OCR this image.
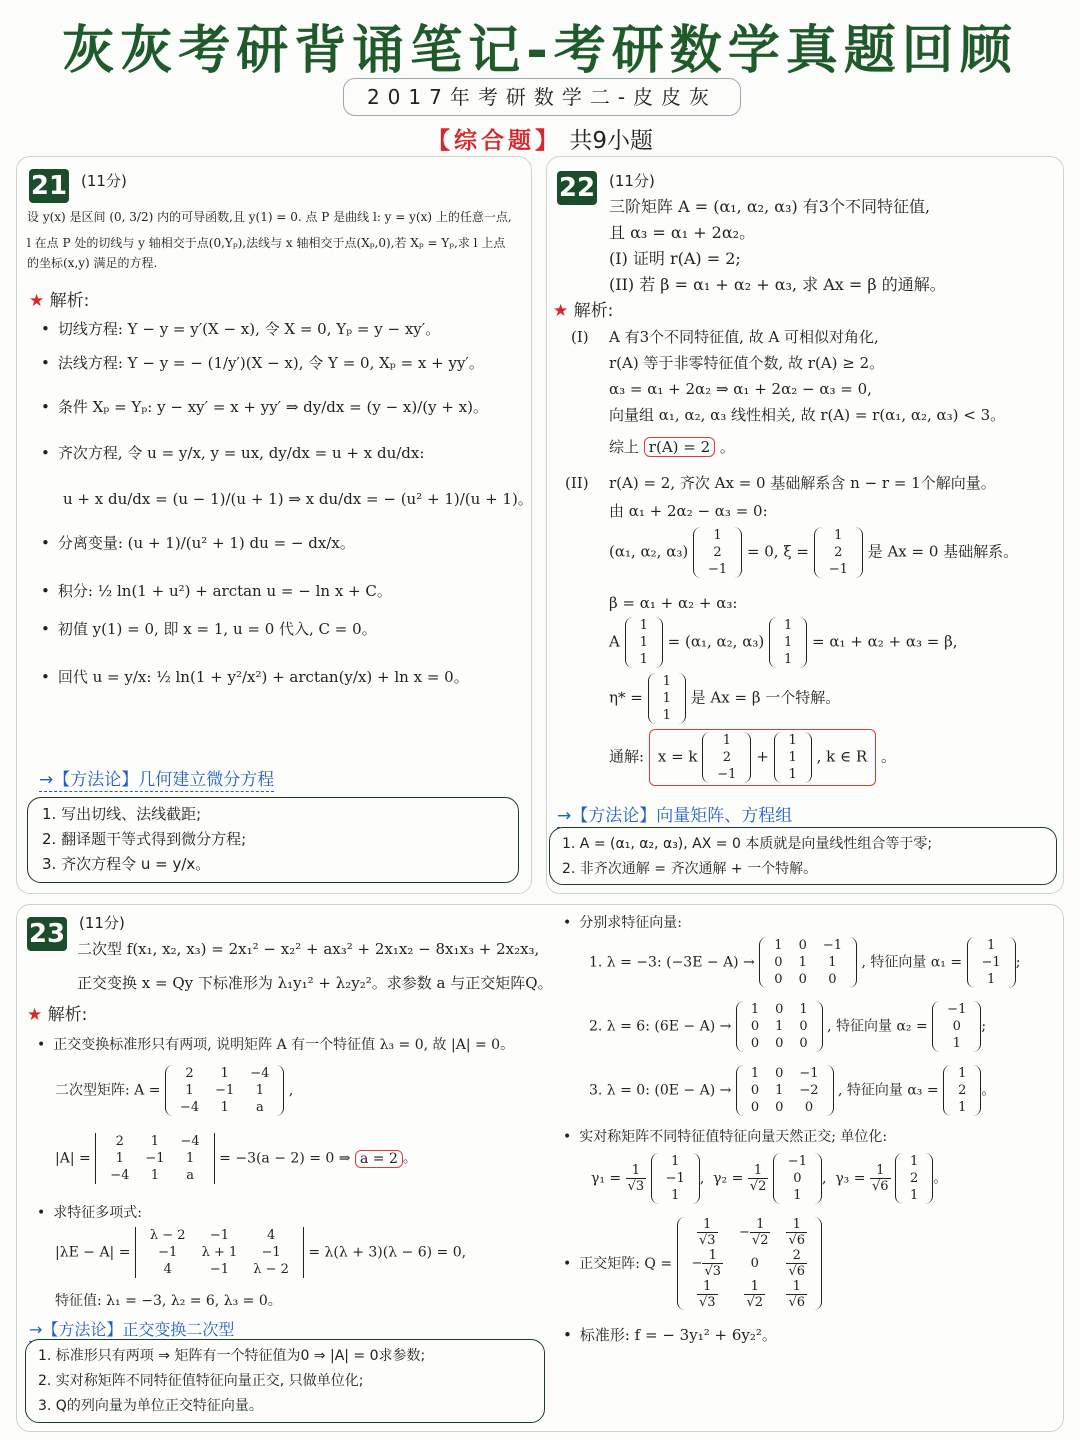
灰灰考研背诵笔记-考研数学真题回顾
2017年考研数学二-皮皮灰
【综合题】 共9小题
21 (11分)
设 y(x) 是区间 (0, 3/2) 内的可导函数,且 y(1) = 0. 点 P 是曲线 l: y = y(x) 上的任意一点,
l 在点 P 处的切线与 y 轴相交于点(0,Yₚ),法线与 x 轴相交于点(Xₚ,0),若 Xₚ = Yₚ,求 l 上点
的坐标(x,y) 满足的方程.
★ 解析:
• 切线方程: Y − y = y′(X − x), 令 X = 0, Yₚ = y − xy′。
• 法线方程: Y − y = − (1/y′)(X − x), 令 Y = 0, Xₚ = x + yy′。
• 条件 Xₚ = Yₚ: y − xy′ = x + yy′ ⇒ dy/dx = (y − x)/(y + x)。
• 齐次方程, 令 u = y/x, y = ux, dy/dx = u + x du/dx:
u + x du/dx = (u − 1)/(u + 1) ⇒ x du/dx = − (u² + 1)/(u + 1)。
• 分离变量: (u + 1)/(u² + 1) du = − dx/x。
• 积分: ½ ln(1 + u²) + arctan u = − ln x + C。
• 初值 y(1) = 0, 即 x = 1, u = 0 代入, C = 0。
• 回代 u = y/x: ½ ln(1 + y²/x²) + arctan(y/x) + ln x = 0。
→【方法论】几何建立微分方程
1. 写出切线、法线截距;
2. 翻译题干等式得到微分方程;
3. 齐次方程令 u = y/x。
22 (11分)
三阶矩阵 A = (α₁, α₂, α₃) 有3个不同特征值,
且 α₃ = α₁ + 2α₂。
(I) 证明 r(A) = 2;
(II) 若 β = α₁ + α₂ + α₃, 求 Ax = β 的通解。
★ 解析:
(I) A 有3个不同特征值, 故 A 可相似对角化,
r(A) 等于非零特征值个数, 故 r(A) ≥ 2。
α₃ = α₁ + 2α₂ ⇒ α₁ + 2α₂ − α₃ = 0,
向量组 α₁, α₂, α₃ 线性相关, 故 r(A) = r(α₁, α₂, α₃) < 3。
综上 r(A) = 2 。
(II) r(A) = 2, 齐次 Ax = 0 基础解系含 n − r = 1个解向量。
由 α₁ + 2α₂ − α₃ = 0:
(α₁, α₂, α₃)
1
2
−1
= 0, ξ =
1
2
−1
是 Ax = 0 基础解系。
β = α₁ + α₂ + α₃:
A
1
1
1
= (α₁, α₂, α₃)
1
1
1
= α₁ + α₂ + α₃ = β,
η* =
1
1
1
是 Ax = β 一个特解。
通解: x = k
1
2
−1
+
1
1
1
, k ∈ R 。
→【方法论】向量矩阵、方程组
1. A = (α₁, α₂, α₃), AX = 0 本质就是向量线性组合等于零;
2. 非齐次通解 = 齐次通解 + 一个特解。
23 (11分)
二次型 f(x₁, x₂, x₃) = 2x₁² − x₂² + ax₃² + 2x₁x₂ − 8x₁x₃ + 2x₂x₃,
正交变换 x = Qy 下标准形为 λ₁y₁² + λ₂y₂²。求参数 a 与正交矩阵Q。
★ 解析:
• 正交变换标准形只有两项, 说明矩阵 A 有一个特征值 λ₃ = 0, 故 |A| = 0。
二次型矩阵: A =
2	1	−4
1	−1	1
−4	1	a
,
|A| =
2	1	−4
1	−1	1
−4	1	a
= −3(a − 2) = 0 ⇒ a = 2 。
• 求特征多项式:
|λE − A| =
λ − 2	−1	4
−1	λ + 1	−1
4	−1	λ − 2
= λ(λ + 3)(λ − 6) = 0,
特征值: λ₁ = −3, λ₂ = 6, λ₃ = 0。
→【方法论】正交变换二次型
1. 标准形只有两项 ⇒ 矩阵有一个特征值为0 ⇒ |A| = 0求参数;
2. 实对称矩阵不同特征值特征向量正交, 只做单位化;
3. Q的列向量为单位正交特征向量。
• 分别求特征向量:
1. λ = −3: (−3E − A) →
1	0	−1
0	1	1
0	0	0
, 特征向量 α₁ =
1
−1
1
;
2. λ = 6: (6E − A) →
1	0	1
0	1	0
0	0	0
, 特征向量 α₂ =
−1
0
1
;
3. λ = 0: (0E − A) →
1	0	−1
0	1	−2
0	0	0
, 特征向量 α₃ =
1
2
1
。
• 实对称矩阵不同特征值特征向量天然正交; 单位化:
$\gamma_1 = \frac{1}{√3}$

1
−1
1
,  $\gamma_2 = \frac{1}{√2}$

−1
0
1
,  $\gamma_3 = \frac{1}{√6}$

1
2
1
。
• 正交矩阵: Q =
$\frac{1}{√3}$	− $\frac{1}{√2}$	$\frac{1}{√6}$

− $\frac{1}{√3}$	0	$\frac{2}{√6}$

$\frac{1}{√3}$	$\frac{1}{√2}$	$\frac{1}{√6}$
• 标准形: f = − 3y₁² + 6y₂²。
